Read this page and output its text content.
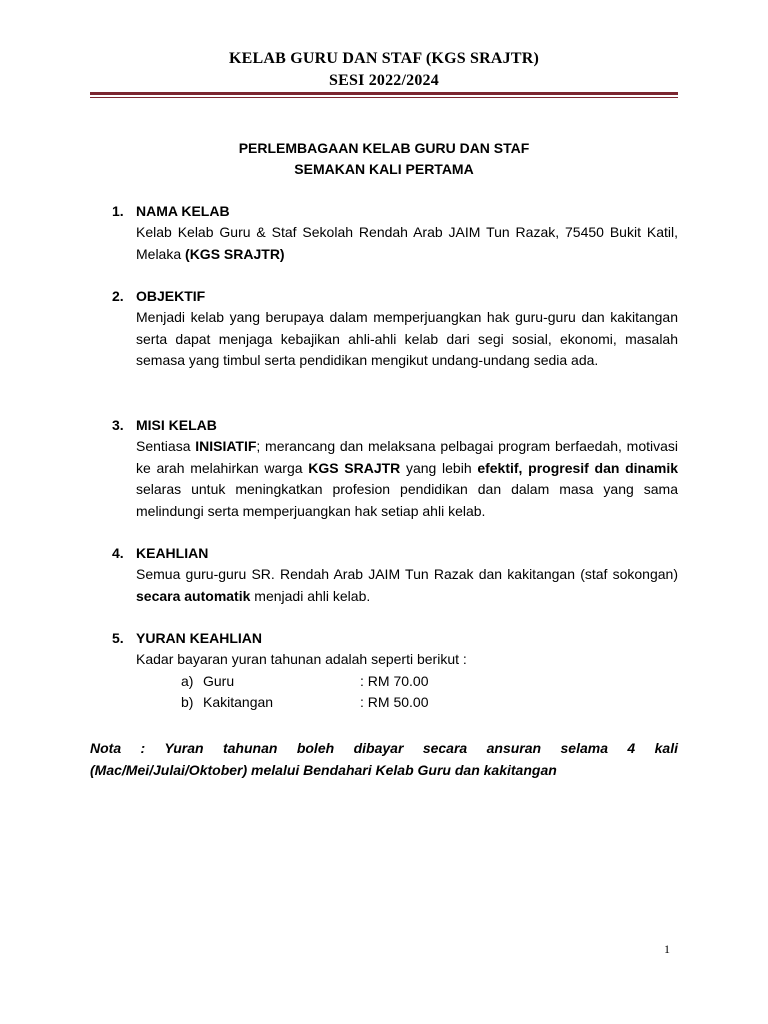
KELAB GURU DAN STAF (KGS SRAJTR)
SESI 2022/2024
PERLEMBAGAAN KELAB GURU DAN STAF
SEMAKAN KALI PERTAMA
1. NAMA KELAB
Kelab Kelab Guru & Staf Sekolah Rendah Arab JAIM Tun Razak, 75450 Bukit Katil, Melaka (KGS SRAJTR)
2. OBJEKTIF
Menjadi kelab yang berupaya dalam memperjuangkan hak guru-guru dan kakitangan serta dapat menjaga kebajikan ahli-ahli kelab dari segi sosial, ekonomi, masalah semasa yang timbul serta pendidikan mengikut undang-undang sedia ada.
3. MISI KELAB
Sentiasa INISIATIF; merancang dan melaksana pelbagai program berfaedah, motivasi ke arah melahirkan warga KGS SRAJTR yang lebih efektif, progresif dan dinamik selaras untuk meningkatkan profesion pendidikan dan dalam masa yang sama melindungi serta memperjuangkan hak setiap ahli kelab.
4. KEAHLIAN
Semua guru-guru SR. Rendah Arab JAIM Tun Razak dan kakitangan (staf sokongan) secara automatik menjadi ahli kelab.
5. YURAN KEAHLIAN
Kadar bayaran yuran tahunan adalah seperti berikut :
a) Guru	: RM 70.00
b) Kakitangan	: RM 50.00
Nota : Yuran tahunan boleh dibayar secara ansuran selama 4 kali (Mac/Mei/Julai/Oktober) melalui Bendahari Kelab Guru dan kakitangan
1
